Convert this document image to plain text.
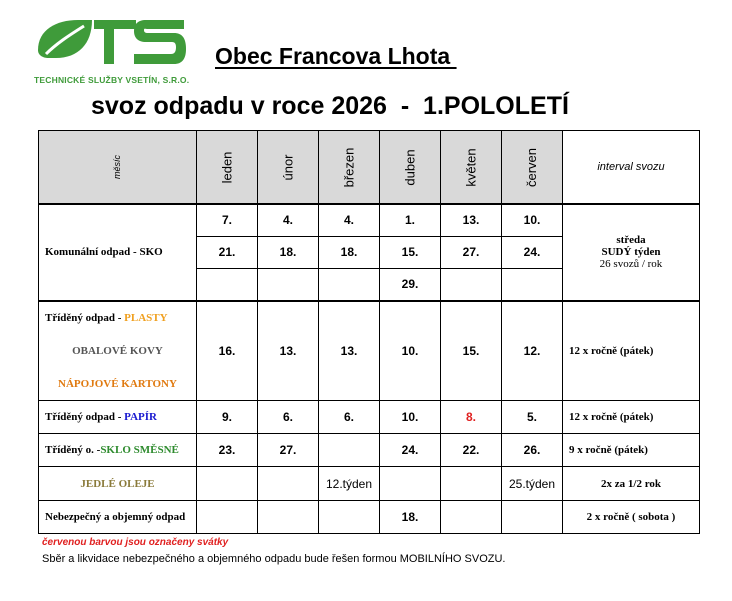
TECHNICKÉ SLUŽBY VSETÍN, S.R.O.
Obec Francova Lhota
svoz odpadu v roce 2026  -  1.POLOLETÍ
měsíc	leden	únor	březen	duben	květen	červen	interval svozu
Komunální odpad - SKO	7.	4.	4.	1.	13.	10.	středa
SUDÝ týden
26 svozů / rok

	21.	18.	18.	15.	27.	24.	
				29.			
Tříděný odpad - PLASTY	16.	13.	13.	10.	15.	12.	12 x ročně (pátek)
OBALOVÉ KOVY							
NÁPOJOVÉ KARTONY							
Tříděný odpad - PAPÍR	9.	6.	6.	10.	8.	5.	12 x ročně (pátek)
Tříděný o. -SKLO SMĚSNÉ	23.	27.		24.	22.	26.	9 x ročně (pátek)
JEDLÉ OLEJE			12.týden			25.týden	2x za 1/2 rok
Nebezpečný a objemný odpad				18.			2 x ročně ( sobota )
červenou barvou jsou označeny svátky
Sběr a likvidace nebezpečného a objemného odpadu bude řešen formou MOBILNÍHO SVOZU.
